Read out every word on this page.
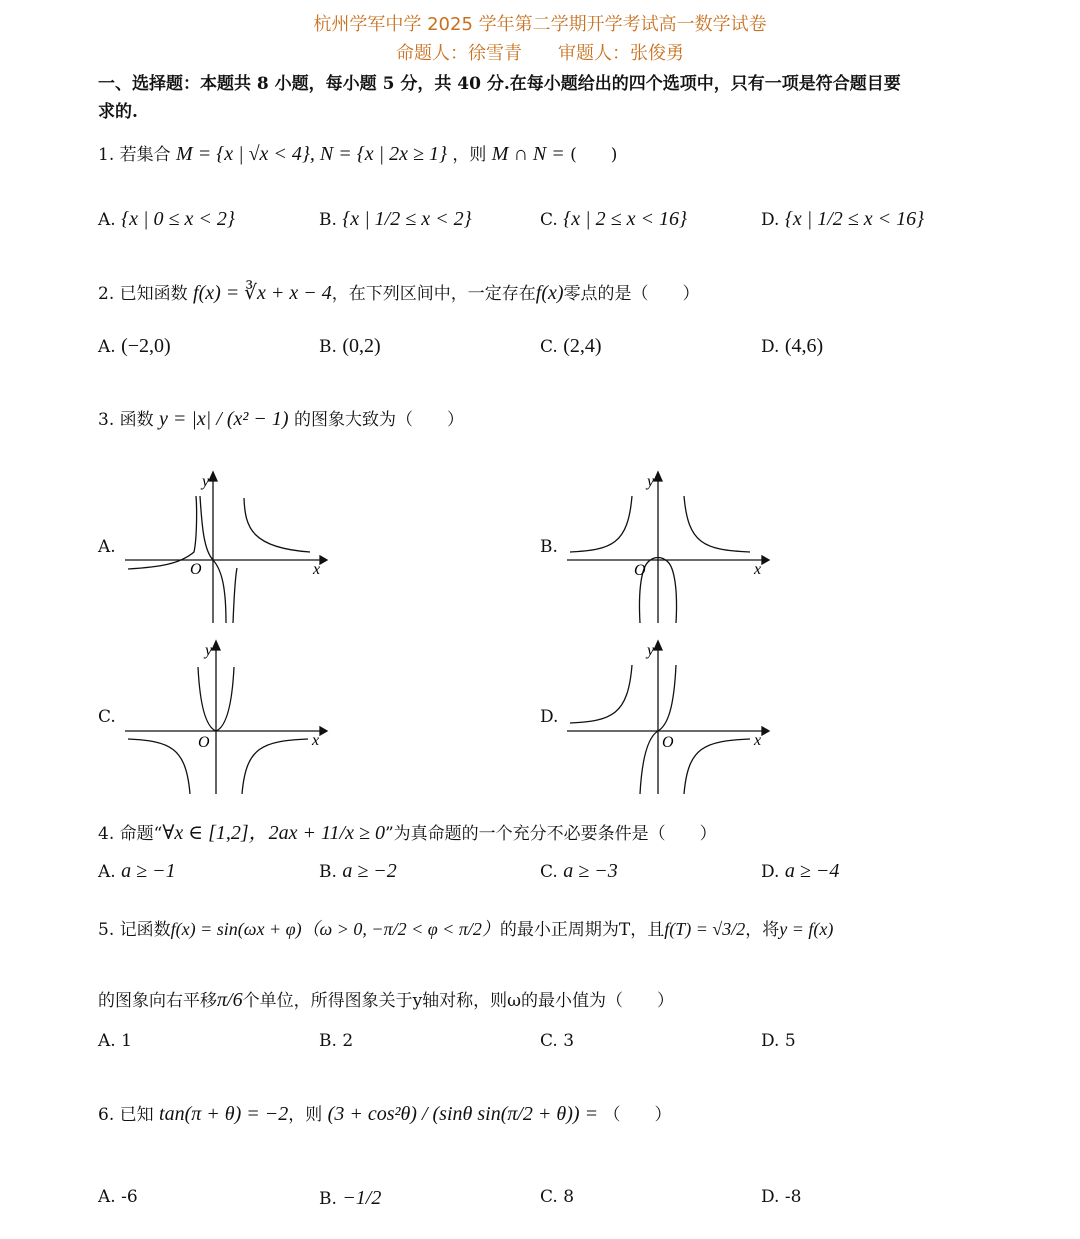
杭州学军中学 2025 学年第二学期开学考试高一数学试卷
命题人：徐雪青　　审题人：张俊勇
一、选择题：本题共 8 小题，每小题 5 分，共 40 分.在每小题给出的四个选项中，只有一项是符合题目要
求的.
1. 若集合 M = {x | √x < 4}, N = {x | 2x ≥ 1} ，则 M ∩ N = (　　)
A. {x | 0 ≤ x < 2}	B. {x | 1/2 ≤ x < 2}	C. {x | 2 ≤ x < 16}	D. {x | 1/2 ≤ x < 16}
2. 已知函数 f(x) = ∛x + x − 4，在下列区间中，一定存在f(x)零点的是（　　）
A. (−2,0)	B. (0,2)	C. (2,4)	D. (4,6)
3. 函数 y = |x| / (x² − 1) 的图象大致为（　　）
A.	B.
C.	D.
O	x
y
O	x
y
O	x
y
O	x
y
4. 命题“∀x ∈ [1,2]，2ax + 11/x ≥ 0”为真命题的一个充分不必要条件是（　　）
A. a ≥ −1	B. a ≥ −2	C. a ≥ −3	D. a ≥ −4
5. 记函数f(x) = sin(ωx + φ)（ω > 0, −π/2 < φ < π/2）的最小正周期为T，且f(T) = √3/2，将y = f(x)
的图象向右平移π/6个单位，所得图象关于y轴对称，则ω的最小值为（　　）
A. 1	B. 2	C. 3	D. 5
6. 已知 tan(π + θ) = −2，则 (3 + cos²θ) / (sinθ sin(π/2 + θ)) = （　　）
A. -6	B. −1/2	C. 8	D. -8
